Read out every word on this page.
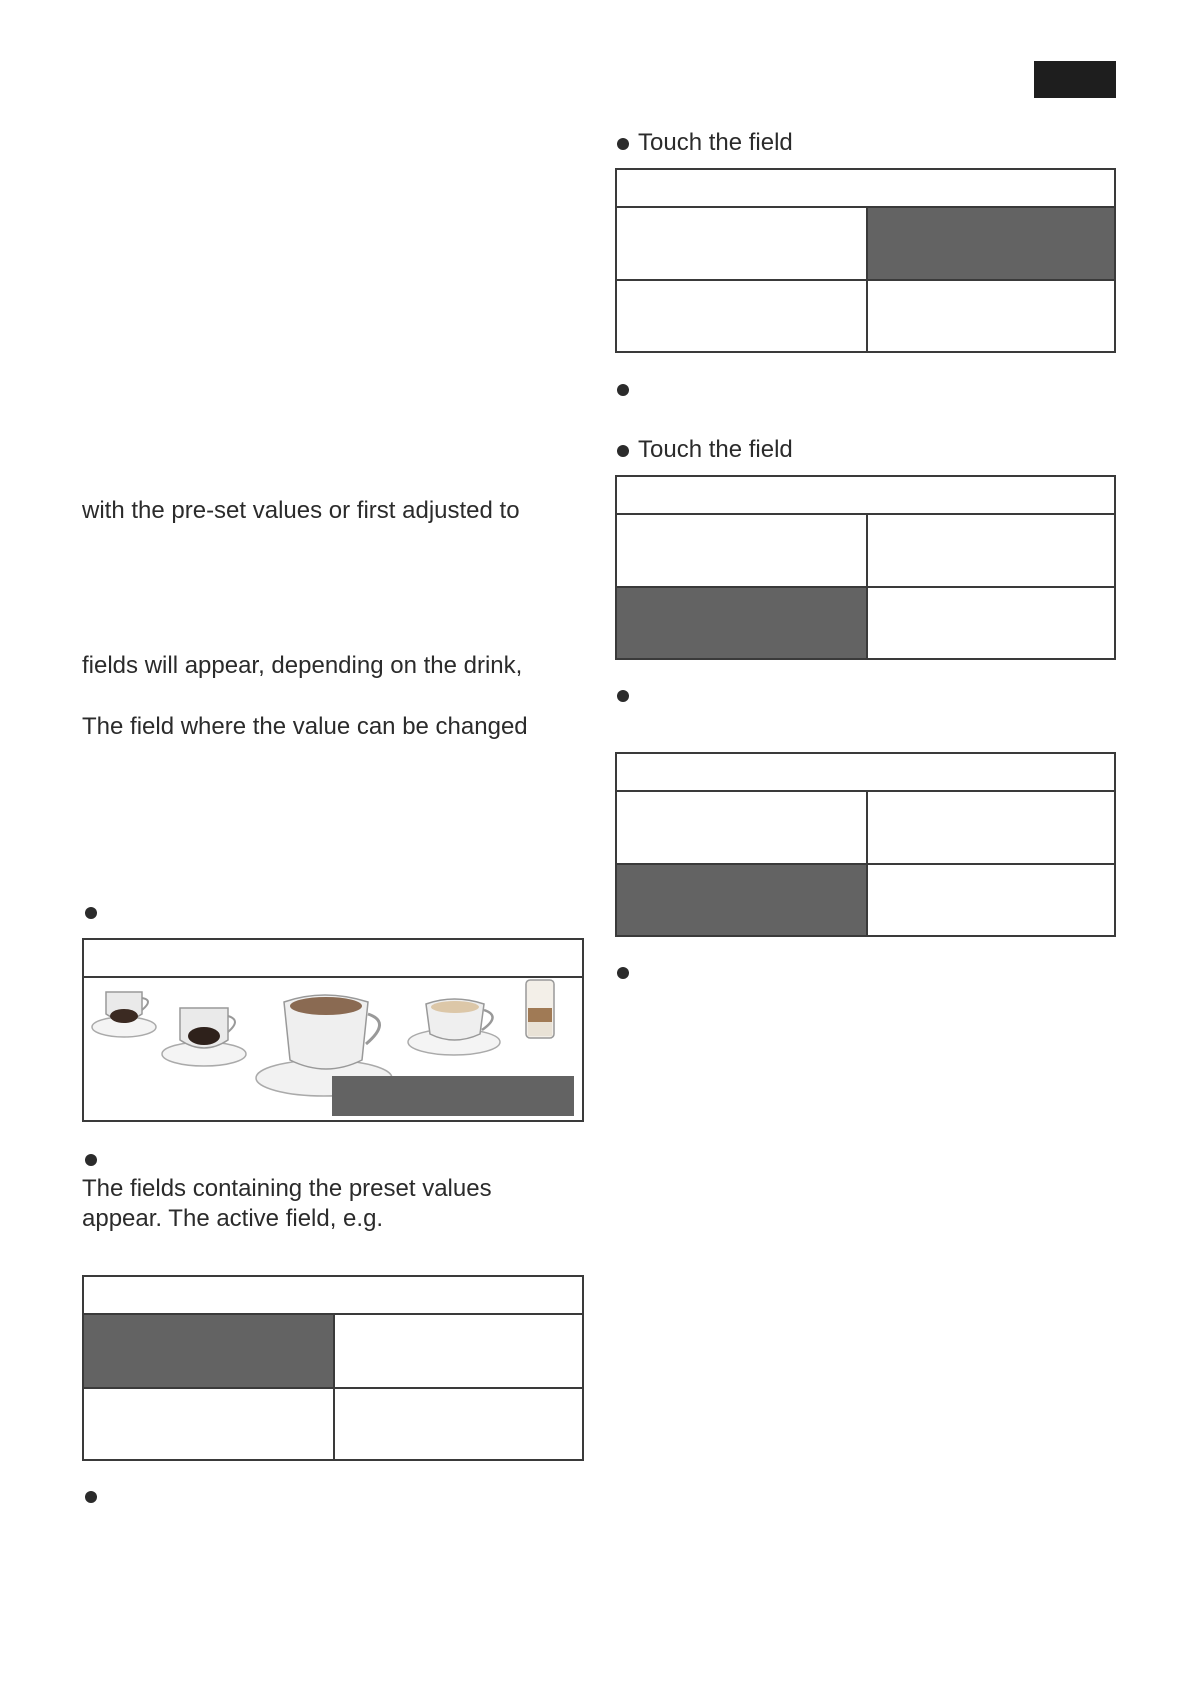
with the pre-set values or first adjusted to
fields will appear, depending on the drink,
The field where the value can be changed
The fields containing the preset values
appear. The active field, e.g.
Touch the field
Touch the field
